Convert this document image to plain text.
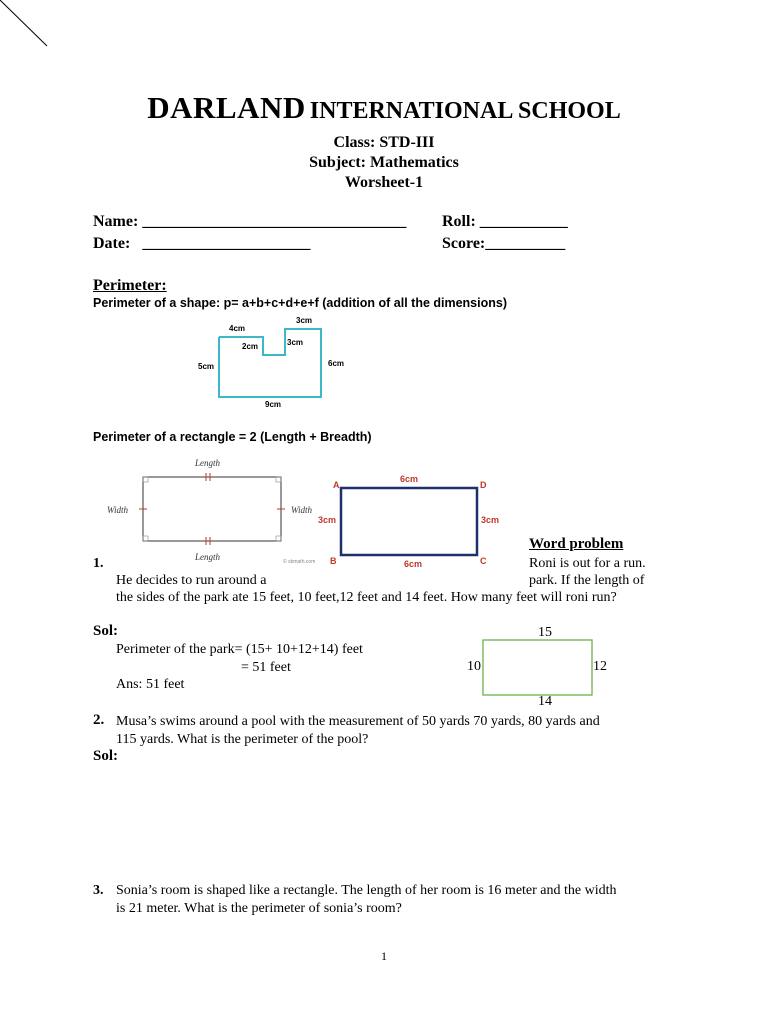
DARLAND INTERNATIONAL SCHOOL
Class: STD-III
Subject: Mathematics
Worsheet-1
Name: _________________________________ Roll: ___________
Date:   _____________________	Score:__________
Perimeter:
Perimeter of a shape: p= a+b+c+d+e+f (addition of all the dimensions)
4cm
2cm	3cm
3cm
5cm	6cm
9cm
Perimeter of a rectangle = 2 (Length + Breadth)
Length
Length
Width	Width
© sbmath.com
A
B	C
D
6cm
6cm
3cm	3cm
Word problem
1.	Roni is out for a run.
He decides to run around a	park. If the length of
the sides of the park ate 15 feet, 10 feet,12 feet and 14 feet. How many feet will roni run?
Sol:
Perimeter of the park= (15+ 10+12+14) feet
= 51 feet
Ans: 51 feet
15
10	12
14
2. Musa’s swims around a pool with the measurement of 50 yards 70 yards, 80 yards and
115 yards. What is the perimeter of the pool?
Sol:
3. Sonia’s room is shaped like a rectangle. The length of her room is 16 meter and the width
is 21 meter. What is the perimeter of sonia’s room?
1
